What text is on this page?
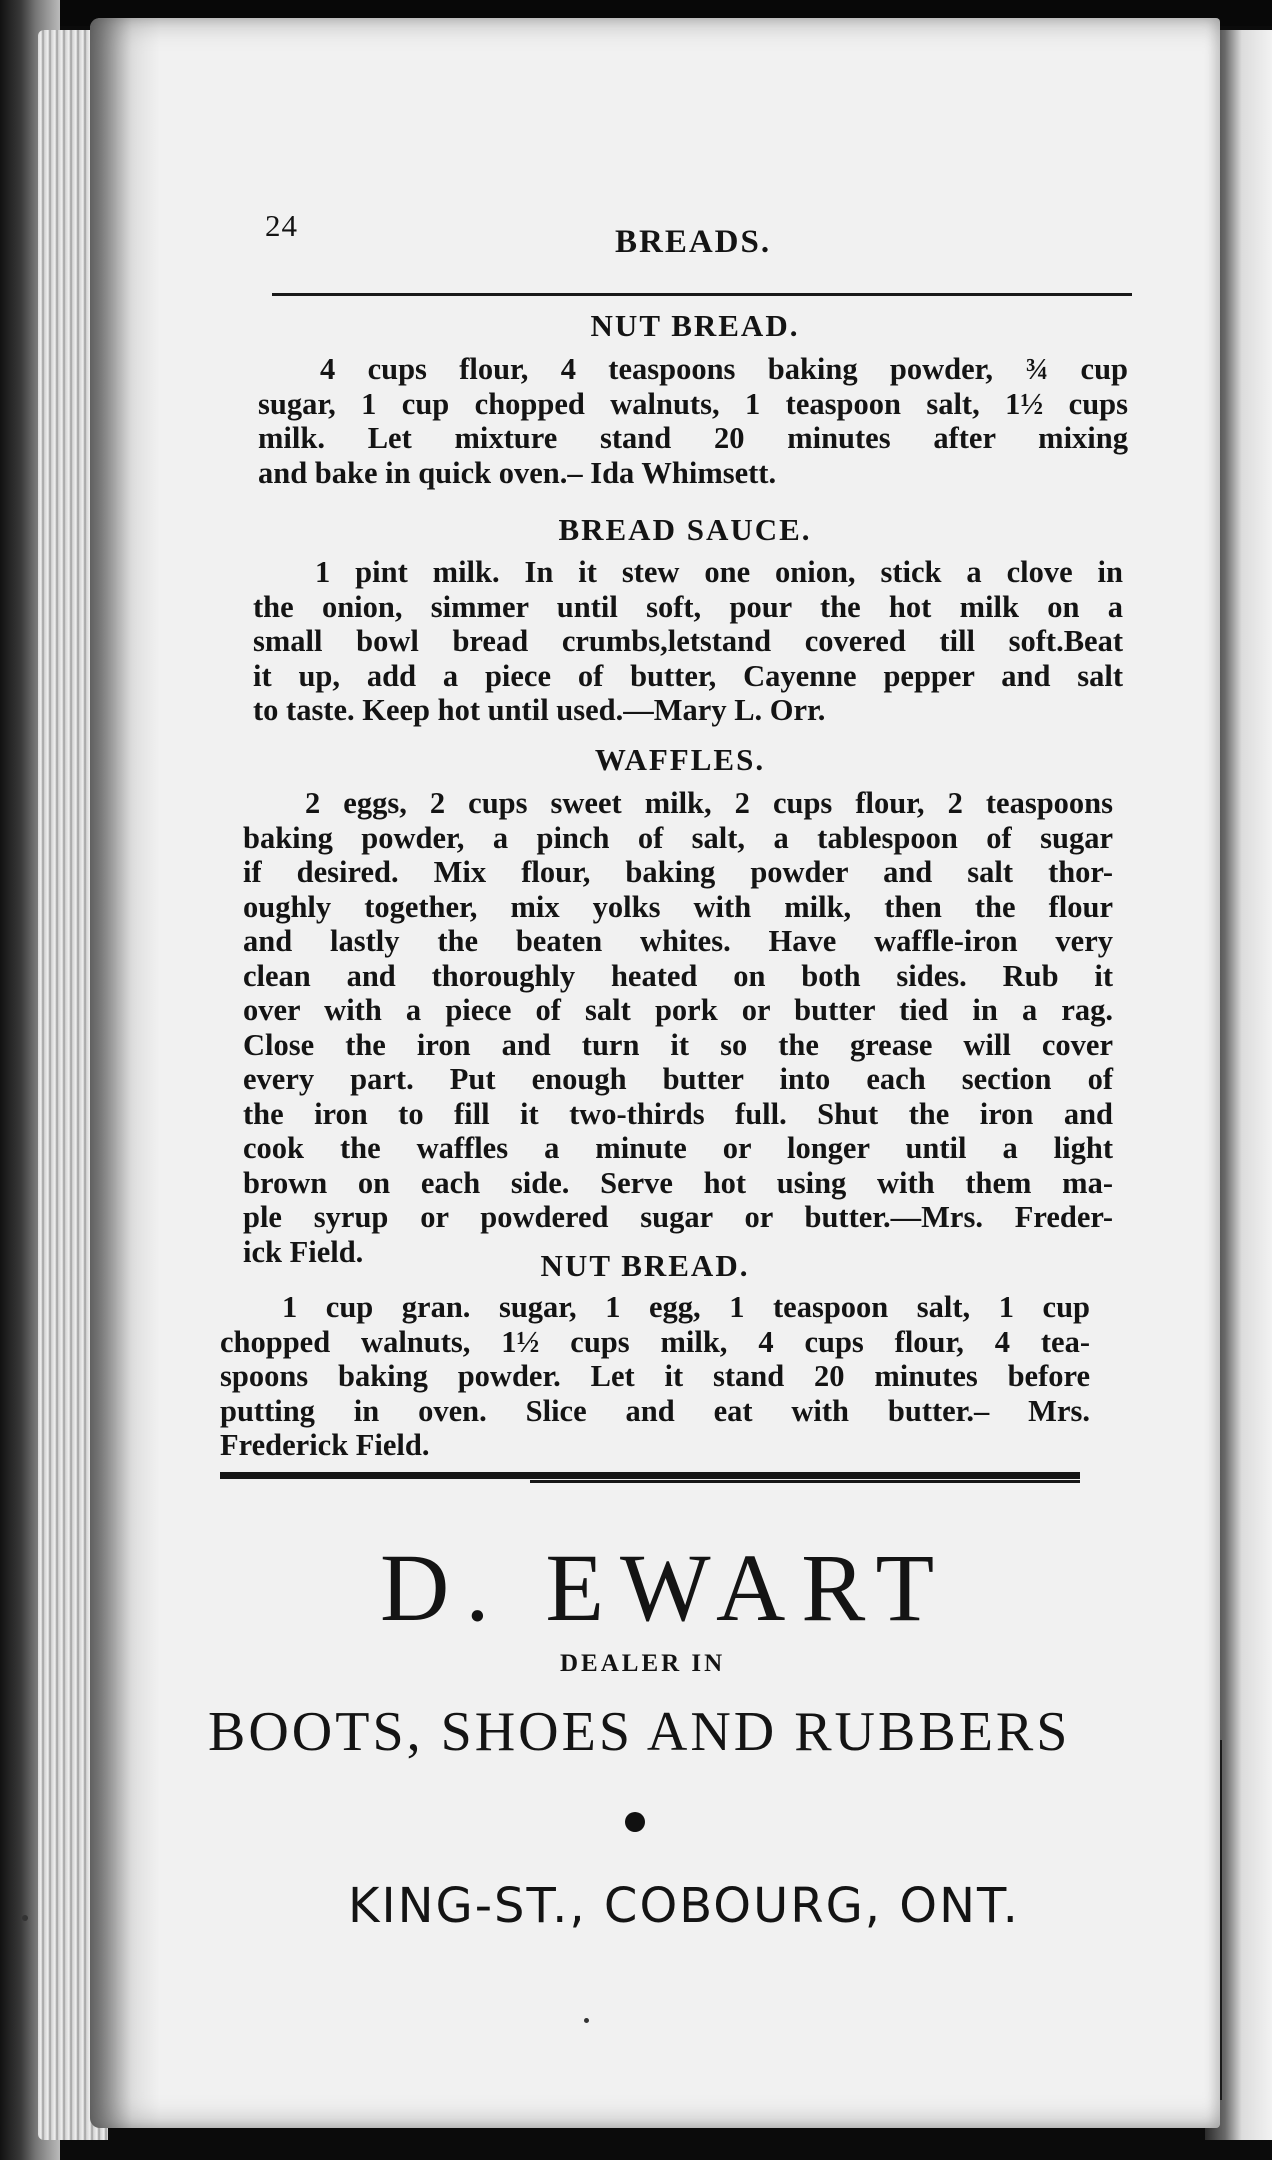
24	BREADS.
NUT BREAD.
4 cups flour, 4 teaspoons baking powder, ¾ cup
sugar, 1 cup chopped walnuts, 1 teaspoon salt, 1½ cups
milk. Let mixture stand 20 minutes after mixing
and bake in quick oven.– Ida Whimsett.
BREAD SAUCE.
1 pint milk. In it stew one onion, stick a clove in
the onion, simmer until soft, pour the hot milk on a
small bowl bread crumbs,letstand covered till soft.Beat
it up, add a piece of butter, Cayenne pepper and salt
to taste. Keep hot until used.—Mary L. Orr.
WAFFLES.
2 eggs, 2 cups sweet milk, 2 cups flour, 2 teaspoons
baking powder, a pinch of salt, a tablespoon of sugar
if desired. Mix flour, baking powder and salt thor-
oughly together, mix yolks with milk, then the flour
and lastly the beaten whites. Have waffle-iron very
clean and thoroughly heated on both sides. Rub it
over with a piece of salt pork or butter tied in a rag.
Close the iron and turn it so the grease will cover
every part. Put enough butter into each section of
the iron to fill it two-thirds full. Shut the iron and
cook the waffles a minute or longer until a light
brown on each side. Serve hot using with them ma-
ple syrup or powdered sugar or butter.—Mrs. Freder-
ick Field.	NUT BREAD.
1 cup gran. sugar, 1 egg, 1 teaspoon salt, 1 cup
chopped walnuts, 1½ cups milk, 4 cups flour, 4 tea-
spoons baking powder. Let it stand 20 minutes before
putting in oven. Slice and eat with butter.– Mrs.
Frederick Field.
D. EWART
DEALER IN
BOOTS, SHOES AND RUBBERS
KING-ST., COBOURG, ONT.
